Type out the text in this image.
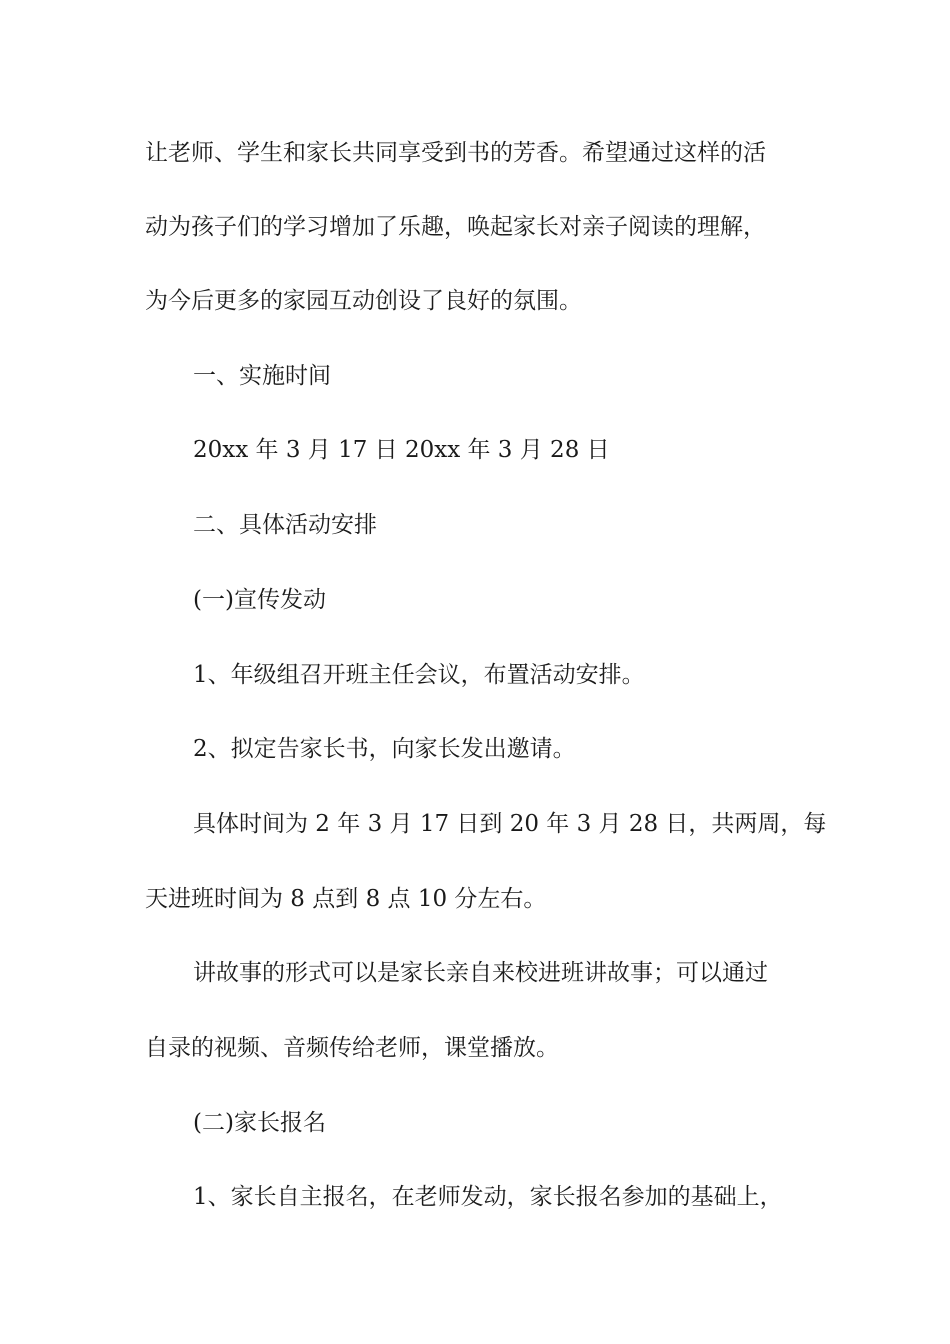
让老师、学生和家长共同享受到书的芳香。希望通过这样的活
动为孩子们的学习增加了乐趣，唤起家长对亲子阅读的理解，
为今后更多的家园互动创设了良好的氛围。
一、实施时间
20xx 年 3 月 17 日 20xx 年 3 月 28 日
二、具体活动安排
(一)宣传发动
1、年级组召开班主任会议，布置活动安排。
2、拟定告家长书，向家长发出邀请。
具体时间为 2 年 3 月 17 日到 20 年 3 月 28 日，共两周，每
天进班时间为 8 点到 8 点 10 分左右。
讲故事的形式可以是家长亲自来校进班讲故事；可以通过
自录的视频、音频传给老师，课堂播放。
(二)家长报名
1、家长自主报名，在老师发动，家长报名参加的基础上，
